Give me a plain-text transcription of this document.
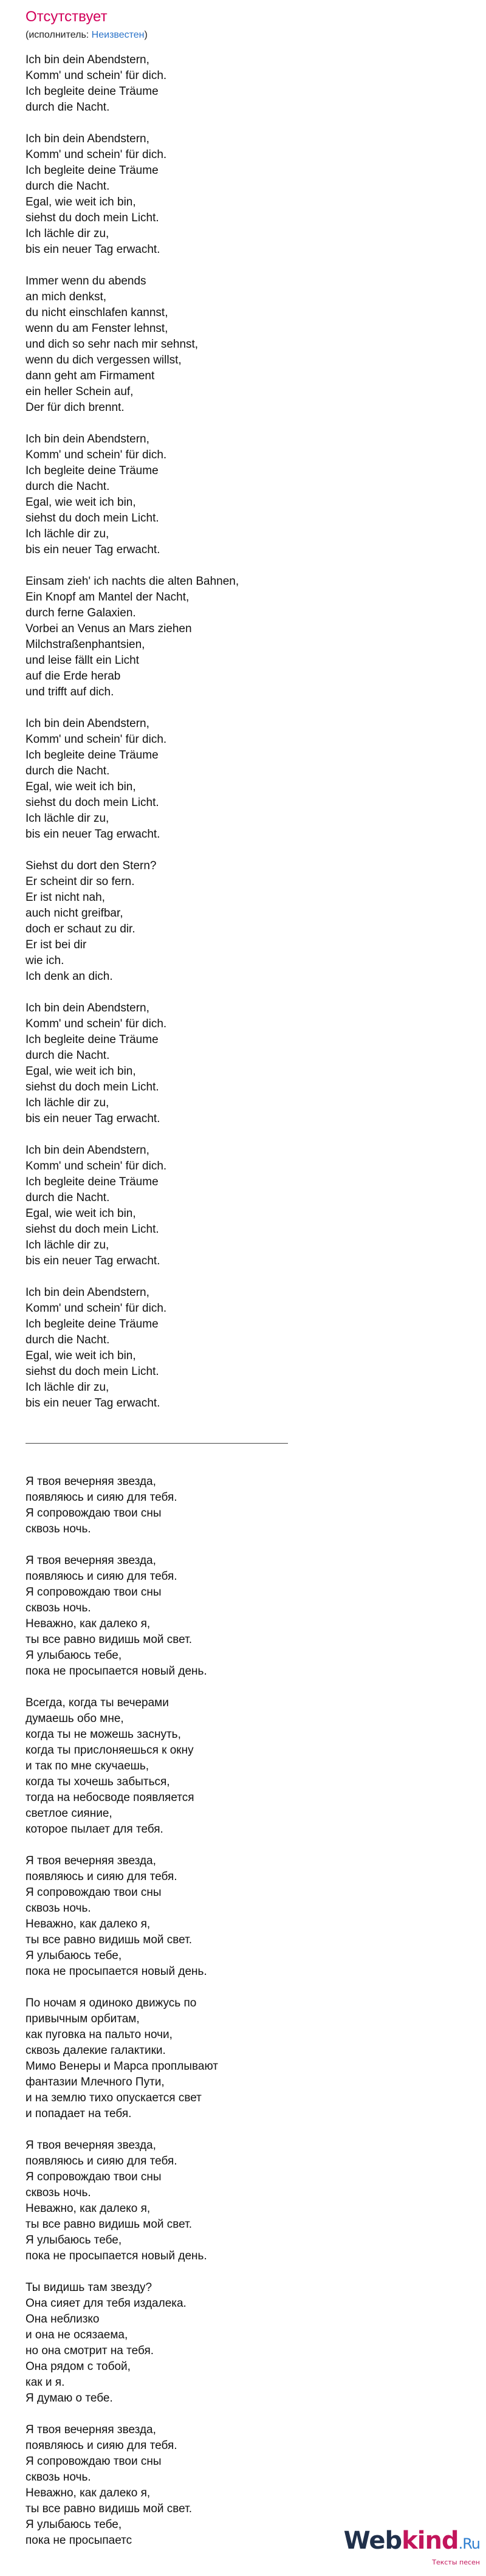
Отсутствует
(исполнитель: Неизвестен)
Ich bin dein Abendstern,
Komm' und schein' für dich.
Ich begleite deine Träume
durch die Nacht.

Ich bin dein Abendstern,
Komm' und schein' für dich.
Ich begleite deine Träume
durch die Nacht.
Egal, wie weit ich bin,
siehst du doch mein Licht.
Ich lächle dir zu,
bis ein neuer Tag erwacht.

Immer wenn du abends
an mich denkst,
du nicht einschlafen kannst,
wenn du am Fenster lehnst,
und dich so sehr nach mir sehnst,
wenn du dich vergessen willst,
dann geht am Firmament
ein heller Schein auf,
Der für dich brennt.

Ich bin dein Abendstern,
Komm' und schein' für dich.
Ich begleite deine Träume
durch die Nacht.
Egal, wie weit ich bin,
siehst du doch mein Licht.
Ich lächle dir zu,
bis ein neuer Tag erwacht.

Einsam zieh' ich nachts die alten Bahnen,
Ein Knopf am Mantel der Nacht,
durch ferne Galaxien.
Vorbei an Venus an Mars ziehen
Milchstraßenphantsien,
und leise fällt ein Licht
auf die Erde herab
und trifft auf dich.

Ich bin dein Abendstern,
Komm' und schein' für dich.
Ich begleite deine Träume
durch die Nacht.
Egal, wie weit ich bin,
siehst du doch mein Licht.
Ich lächle dir zu,
bis ein neuer Tag erwacht.

Siehst du dort den Stern?
Er scheint dir so fern.
Er ist nicht nah,
auch nicht greifbar,
doch er schaut zu dir.
Er ist bei dir
wie ich.
Ich denk an dich.

Ich bin dein Abendstern,
Komm' und schein' für dich.
Ich begleite deine Träume
durch die Nacht.
Egal, wie weit ich bin,
siehst du doch mein Licht.
Ich lächle dir zu,
bis ein neuer Tag erwacht.

Ich bin dein Abendstern,
Komm' und schein' für dich.
Ich begleite deine Träume
durch die Nacht.
Egal, wie weit ich bin,
siehst du doch mein Licht.
Ich lächle dir zu,
bis ein neuer Tag erwacht.

Ich bin dein Abendstern,
Komm' und schein' für dich.
Ich begleite deine Träume
durch die Nacht.
Egal, wie weit ich bin,
siehst du doch mein Licht.
Ich lächle dir zu,
bis ein neuer Tag erwacht.
Я твоя вечерняя звезда,
появляюсь и сияю для тебя.
Я сопровождаю твои сны
сквозь ночь.

Я твоя вечерняя звезда,
появляюсь и сияю для тебя.
Я сопровождаю твои сны
сквозь ночь.
Неважно, как далеко я,
ты все равно видишь мой свет.
Я улыбаюсь тебе,
пока не просыпается новый день.

Всегда, когда ты вечерами
думаешь обо мне,
когда ты не можешь заснуть,
когда ты прислоняешься к окну
и так по мне скучаешь,
когда ты хочешь забыться,
тогда на небосводе появляется
светлое сияние,
которое пылает для тебя.

Я твоя вечерняя звезда,
появляюсь и сияю для тебя.
Я сопровождаю твои сны
сквозь ночь.
Неважно, как далеко я,
ты все равно видишь мой свет.
Я улыбаюсь тебе,
пока не просыпается новый день.

По ночам я одиноко движусь по
привычным орбитам,
как пуговка на пальто ночи,
сквозь далекие галактики.
Мимо Венеры и Марса проплывают
фантазии Млечного Пути,
и на землю тихо опускается свет
и попадает на тебя.

Я твоя вечерняя звезда,
появляюсь и сияю для тебя.
Я сопровождаю твои сны
сквозь ночь.
Неважно, как далеко я,
ты все равно видишь мой свет.
Я улыбаюсь тебе,
пока не просыпается новый день.

Ты видишь там звезду?
Она сияет для тебя издалека.
Она неблизко
и она не осязаема,
но она смотрит на тебя.
Она рядом с тобой,
как и я.
Я думаю о тебе.

Я твоя вечерняя звезда,
появляюсь и сияю для тебя.
Я сопровождаю твои сны
сквозь ночь.
Неважно, как далеко я,
ты все равно видишь мой свет.
Я улыбаюсь тебе,
пока не просыпаетс	Webkind.Ru
Тексты песен
